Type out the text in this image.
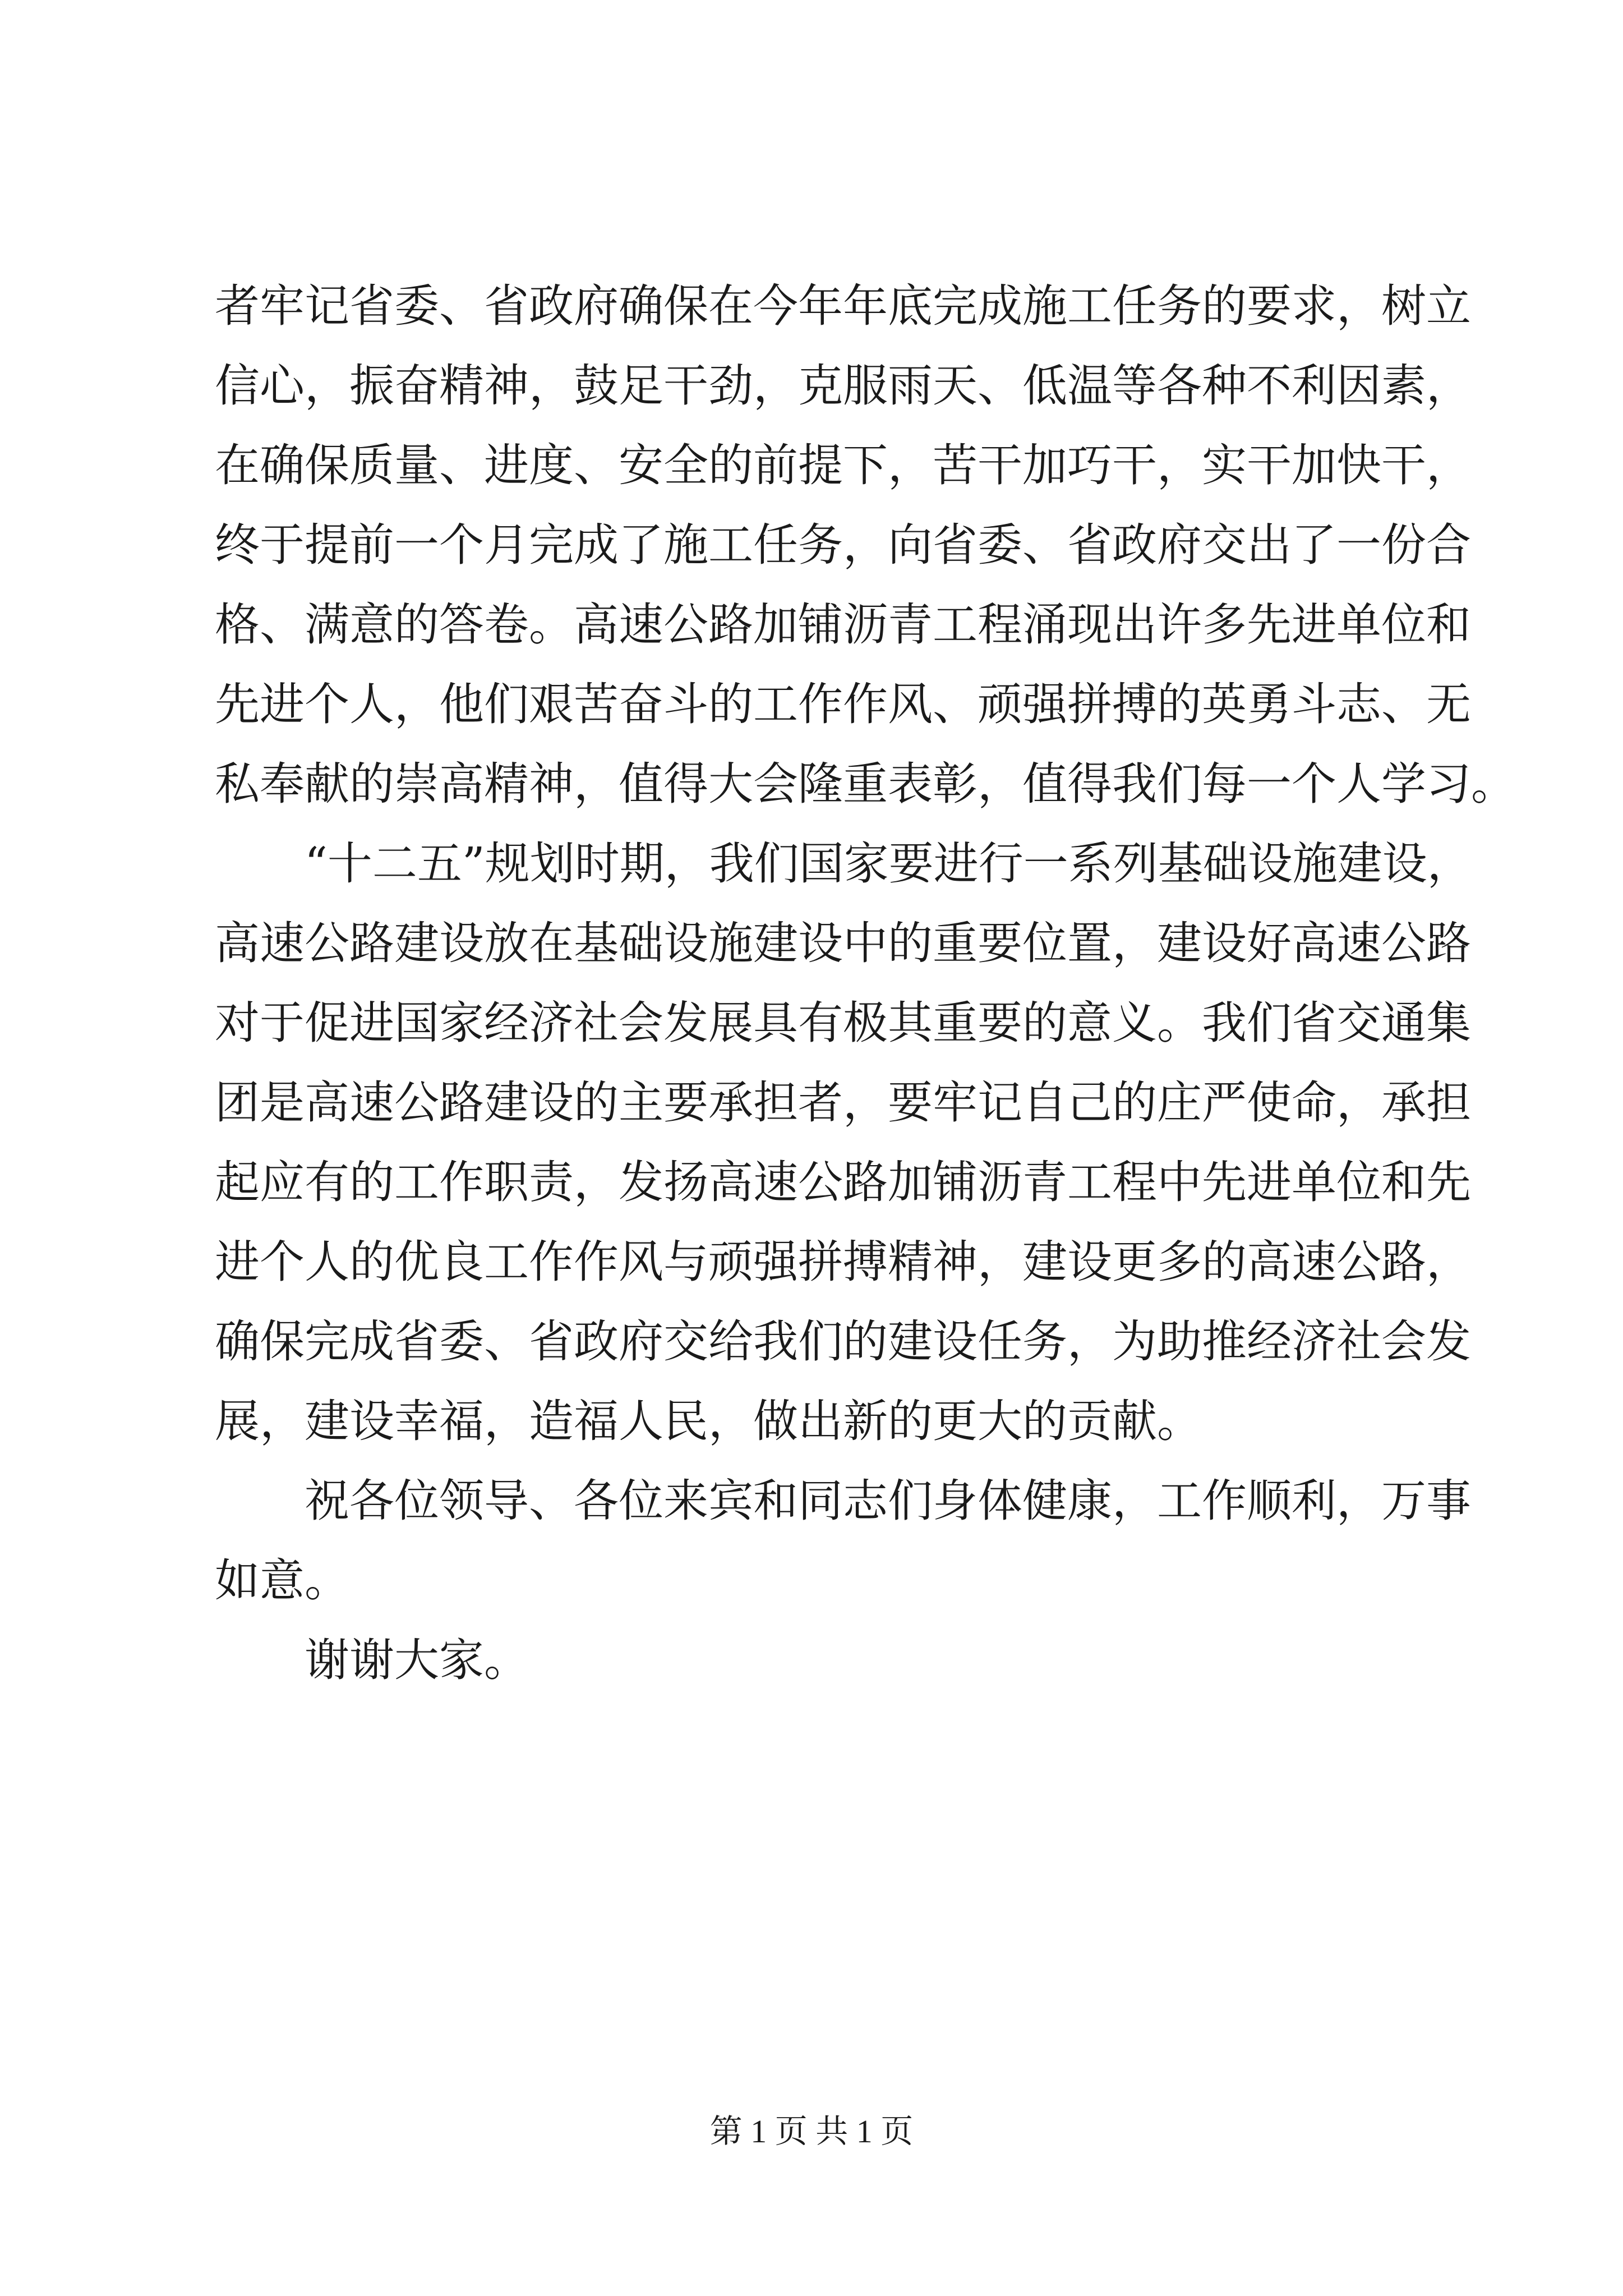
者牢记省委、省政府确保在今年年底完成施工任务的要求，树立
信心，振奋精神，鼓足干劲，克服雨天、低温等各种不利因素，
在确保质量、进度、安全的前提下，苦干加巧干，实干加快干，
终于提前一个月完成了施工任务，向省委、省政府交出了一份合
格、满意的答卷。高速公路加铺沥青工程涌现出许多先进单位和
先进个人，他们艰苦奋斗的工作作风、顽强拼搏的英勇斗志、无
私奉献的崇高精神，值得大会隆重表彰，值得我们每一个人学习。
“十二五”规划时期，我们国家要进行一系列基础设施建设，
高速公路建设放在基础设施建设中的重要位置，建设好高速公路
对于促进国家经济社会发展具有极其重要的意义。我们省交通集
团是高速公路建设的主要承担者，要牢记自己的庄严使命，承担
起应有的工作职责，发扬高速公路加铺沥青工程中先进单位和先
进个人的优良工作作风与顽强拼搏精神，建设更多的高速公路，
确保完成省委、省政府交给我们的建设任务，为助推经济社会发
展，建设幸福，造福人民，做出新的更大的贡献。
祝各位领导、各位来宾和同志们身体健康，工作顺利，万事
如意。
谢谢大家。
第 1 页 共 1 页
